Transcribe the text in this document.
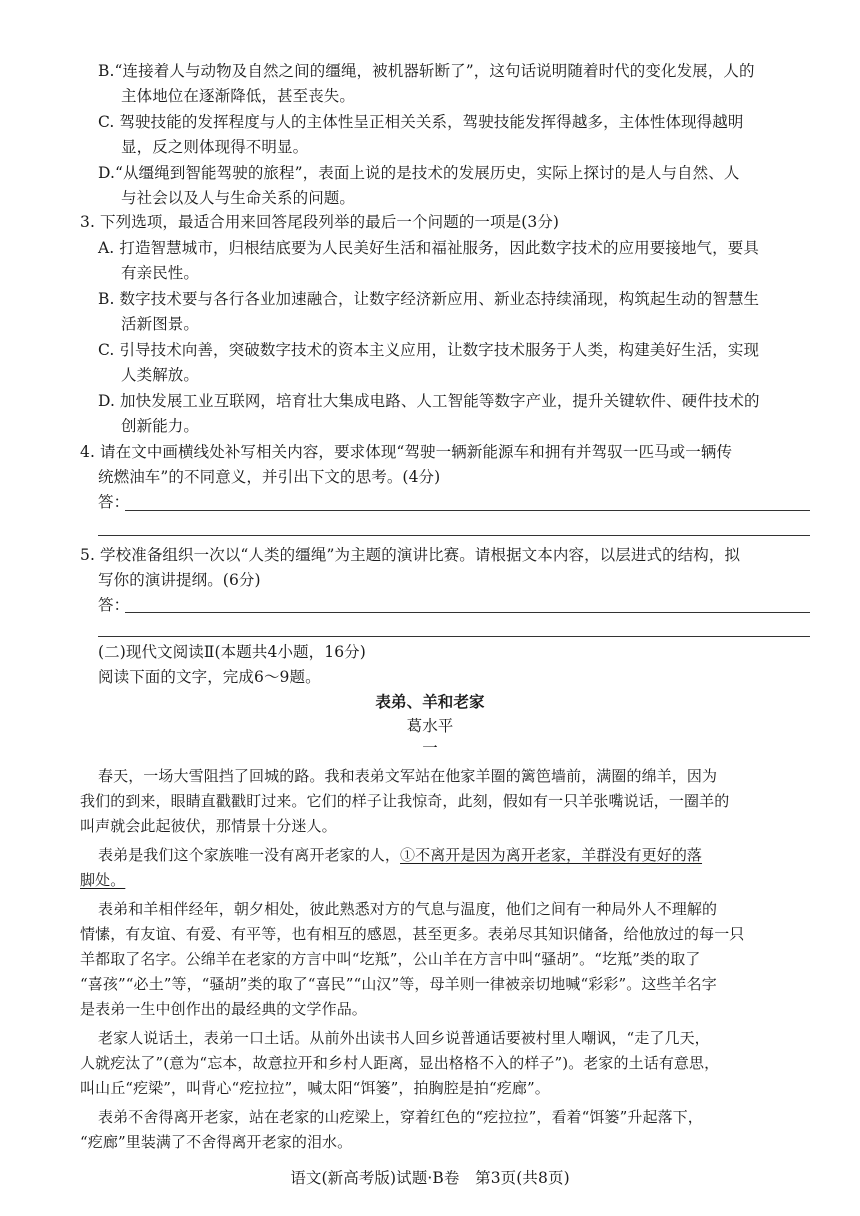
B.“连接着人与动物及自然之间的缰绳，被机器斩断了”，这句话说明随着时代的变化发展，人的
主体地位在逐渐降低，甚至丧失。
C. 驾驶技能的发挥程度与人的主体性呈正相关关系，驾驶技能发挥得越多，主体性体现得越明
显，反之则体现得不明显。
D.“从缰绳到智能驾驶的旅程”，表面上说的是技术的发展历史，实际上探讨的是人与自然、人
与社会以及人与生命关系的问题。
3. 下列选项，最适合用来回答尾段列举的最后一个问题的一项是(3分)
A. 打造智慧城市，归根结底要为人民美好生活和福祉服务，因此数字技术的应用要接地气，要具
有亲民性。
B. 数字技术要与各行各业加速融合，让数字经济新应用、新业态持续涌现，构筑起生动的智慧生
活新图景。
C. 引导技术向善，突破数字技术的资本主义应用，让数字技术服务于人类，构建美好生活，实现
人类解放。
D. 加快发展工业互联网，培育壮大集成电路、人工智能等数字产业，提升关键软件、硬件技术的
创新能力。
4. 请在文中画横线处补写相关内容，要求体现“驾驶一辆新能源车和拥有并驾驭一匹马或一辆传
统燃油车”的不同意义，并引出下文的思考。(4分)
答：
5. 学校准备组织一次以“人类的缰绳”为主题的演讲比赛。请根据文本内容，以层进式的结构，拟
写你的演讲提纲。(6分)
答：
(二)现代文阅读Ⅱ(本题共4小题，16分)
阅读下面的文字，完成6～9题。
表弟、羊和老家
葛水平
一
春天，一场大雪阻挡了回城的路。我和表弟文军站在他家羊圈的篱笆墙前，满圈的绵羊，因为
我们的到来，眼睛直戳戳盯过来。它们的样子让我惊奇，此刻，假如有一只羊张嘴说话，一圈羊的
叫声就会此起彼伏，那情景十分迷人。
表弟是我们这个家族唯一没有离开老家的人，①不离开是因为离开老家，羊群没有更好的落
脚处。
表弟和羊相伴经年，朝夕相处，彼此熟悉对方的气息与温度，他们之间有一种局外人不理解的
情愫，有友谊、有爱、有平等，也有相互的感恩，甚至更多。表弟尽其知识储备，给他放过的每一只
羊都取了名字。公绵羊在老家的方言中叫“圪羝”，公山羊在方言中叫“骚胡”。“圪羝”类的取了
“喜孩”“必土”等，“骚胡”类的取了“喜民”“山汉”等，母羊则一律被亲切地喊“彩彩”。这些羊名字
是表弟一生中创作出的最经典的文学作品。
老家人说话土，表弟一口土话。从前外出读书人回乡说普通话要被村里人嘲讽，“走了几天，
人就疙汰了”(意为“忘本，故意拉开和乡村人距离，显出格格不入的样子”)。老家的土话有意思，
叫山丘“疙梁”，叫背心“疙拉拉”，喊太阳“饵篓”，拍胸腔是拍“疙廊”。
表弟不舍得离开老家，站在老家的山疙梁上，穿着红色的“疙拉拉”，看着“饵篓”升起落下，
“疙廊”里装满了不舍得离开老家的泪水。
语文(新高考版)试题·B卷　第3页(共8页)
